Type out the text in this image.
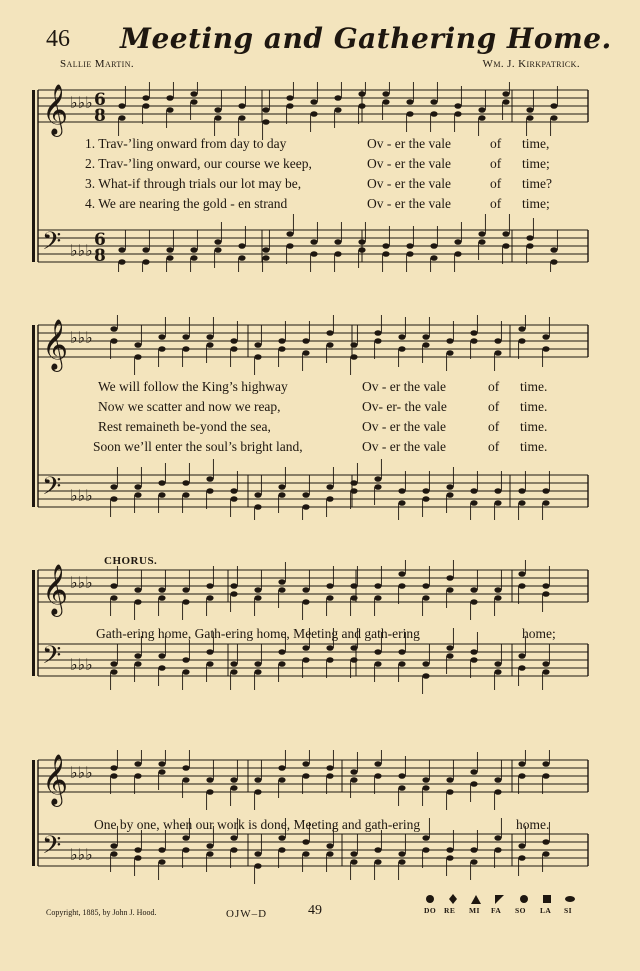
46 Meeting and Gathering Home.
Sallie Martin.	Wm. J. Kirkpatrick.
𝄞 ♭♭♭ 6
8
𝄢 ♭♭♭
6
8
𝄞 ♭♭♭
𝄢 ♭♭♭
𝄞 ♭♭♭
𝄢 ♭♭♭
𝄞 ♭♭♭
𝄢 ♭♭♭
1. Trav-’ling onward from day to day	Ov - er the vale	of time,
2. Trav-’ling onward, our course we keep,	Ov - er the vale	of time;
3. What-if through trials our lot may be,	Ov - er the vale	of time?
4. We are nearing the gold - en strand	Ov - er the vale	of time;
We will follow the King’s highway	Ov - er the vale	of time.
Now we scatter and now we reap,	Ov- er- the vale	of time.
Rest remaineth be-yond the sea,	Ov - er the vale	of time.
Soon we’ll enter the soul’s bright land,	Ov - er the vale	of time.
CHORUS.
Gath-ering home, Gath-ering home, Meeting and gath-ering	home;
One by one, when our work is done, Meeting and gath-ering	home.
Copyright, 1885, by John J. Hood.	OJW–D	49	DO RE MI FA SO LA SI
